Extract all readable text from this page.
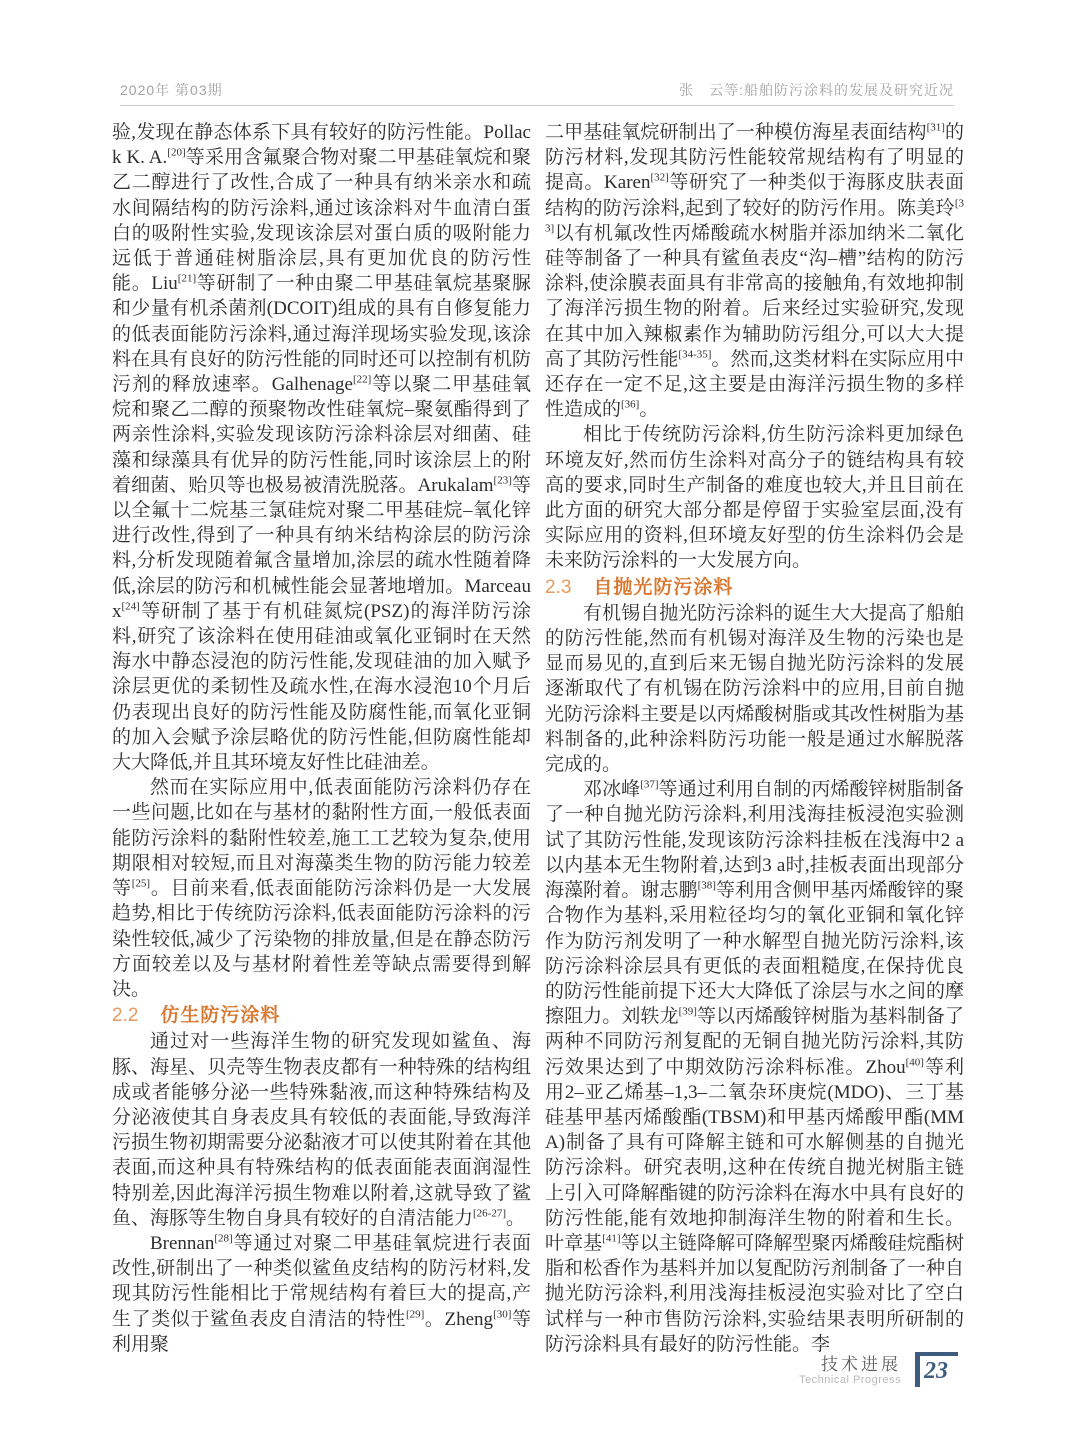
2020年 第03期	张　云等:船舶防污涂料的发展及研究近况

验,发现在静态体系下具有较好的防污性能。Pollack K. A.[20]等采用含氟聚合物对聚二甲基硅氧烷和聚乙二醇进行了改性,合成了一种具有纳米亲水和疏水间隔结构的防污涂料,通过该涂料对牛血清白蛋白的吸附性实验,发现该涂层对蛋白质的吸附能力远低于普通硅树脂涂层,具有更加优良的防污性能。Liu[21]等研制了一种由聚二甲基硅氧烷基聚脲和少量有机杀菌剂(DCOIT)组成的具有自修复能力的低表面能防污涂料,通过海洋现场实验发现,该涂料在具有良好的防污性能的同时还可以控制有机防污剂的释放速率。Galhenage[22]等以聚二甲基硅氧烷和聚乙二醇的预聚物改性硅氧烷–聚氨酯得到了两亲性涂料,实验发现该防污涂料涂层对细菌、硅藻和绿藻具有优异的防污性能,同时该涂层上的附着细菌、贻贝等也极易被清洗脱落。Arukalam[23]等以全氟十二烷基三氯硅烷对聚二甲基硅烷–氧化锌进行改性,得到了一种具有纳米结构涂层的防污涂料,分析发现随着氟含量增加,涂层的疏水性随着降低,涂层的防污和机械性能会显著地增加。Marceaux[24]等研制了基于有机硅氮烷(PSZ)的海洋防污涂料,研究了该涂料在使用硅油或氧化亚铜时在天然海水中静态浸泡的防污性能,发现硅油的加入赋予涂层更优的柔韧性及疏水性,在海水浸泡10个月后仍表现出良好的防污性能及防腐性能,而氧化亚铜的加入会赋予涂层略优的防污性能,但防腐性能却大大降低,并且其环境友好性比硅油差。

然而在实际应用中,低表面能防污涂料仍存在一些问题,比如在与基材的黏附性方面,一般低表面能防污涂料的黏附性较差,施工工艺较为复杂,使用期限相对较短,而且对海藻类生物的防污能力较差等[25]。目前来看,低表面能防污涂料仍是一大发展趋势,相比于传统防污涂料,低表面能防污涂料的污染性较低,减少了污染物的排放量,但是在静态防污方面较差以及与基材附着性差等缺点需要得到解决。

2.2 仿生防污涂料

通过对一些海洋生物的研究发现如鲨鱼、海豚、海星、贝壳等生物表皮都有一种特殊的结构组成或者能够分泌一些特殊黏液,而这种特殊结构及分泌液使其自身表皮具有较低的表面能,导致海洋污损生物初期需要分泌黏液才可以使其附着在其他表面,而这种具有特殊结构的低表面能表面润湿性特别差,因此海洋污损生物难以附着,这就导致了鲨鱼、海豚等生物自身具有较好的自清洁能力[26-27]。

Brennan[28]等通过对聚二甲基硅氧烷进行表面改性,研制出了一种类似鲨鱼皮结构的防污材料,发现其防污性能相比于常规结构有着巨大的提高,产生了类似于鲨鱼表皮自清洁的特性[29]。Zheng[30]等利用聚

二甲基硅氧烷研制出了一种模仿海星表面结构[31]的防污材料,发现其防污性能较常规结构有了明显的提高。Karen[32]等研究了一种类似于海豚皮肤表面结构的防污涂料,起到了较好的防污作用。陈美玲[33]以有机氟改性丙烯酸疏水树脂并添加纳米二氧化硅等制备了一种具有鲨鱼表皮“沟–槽”结构的防污涂料,使涂膜表面具有非常高的接触角,有效地抑制了海洋污损生物的附着。后来经过实验研究,发现在其中加入辣椒素作为辅助防污组分,可以大大提高了其防污性能[34-35]。然而,这类材料在实际应用中还存在一定不足,这主要是由海洋污损生物的多样性造成的[36]。

相比于传统防污涂料,仿生防污涂料更加绿色环境友好,然而仿生涂料对高分子的链结构具有较高的要求,同时生产制备的难度也较大,并且目前在此方面的研究大部分都是停留于实验室层面,没有实际应用的资料,但环境友好型的仿生涂料仍会是未来防污涂料的一大发展方向。

2.3 自抛光防污涂料

有机锡自抛光防污涂料的诞生大大提高了船舶的防污性能,然而有机锡对海洋及生物的污染也是显而易见的,直到后来无锡自抛光防污涂料的发展逐渐取代了有机锡在防污涂料中的应用,目前自抛光防污涂料主要是以丙烯酸树脂或其改性树脂为基料制备的,此种涂料防污功能一般是通过水解脱落完成的。

邓冰峰[37]等通过利用自制的丙烯酸锌树脂制备了一种自抛光防污涂料,利用浅海挂板浸泡实验测试了其防污性能,发现该防污涂料挂板在浅海中2 a以内基本无生物附着,达到3 a时,挂板表面出现部分海藻附着。谢志鹏[38]等利用含侧甲基丙烯酸锌的聚合物作为基料,采用粒径均匀的氧化亚铜和氧化锌作为防污剂发明了一种水解型自抛光防污涂料,该防污涂料涂层具有更低的表面粗糙度,在保持优良的防污性能前提下还大大降低了涂层与水之间的摩擦阻力。刘轶龙[39]等以丙烯酸锌树脂为基料制备了两种不同防污剂复配的无铜自抛光防污涂料,其防污效果达到了中期效防污涂料标准。Zhou[40]等利用2–亚乙烯基–1,3–二氧杂环庚烷(MDO)、三丁基硅基甲基丙烯酸酯(TBSM)和甲基丙烯酸甲酯(MMA)制备了具有可降解主链和可水解侧基的自抛光防污涂料。研究表明,这种在传统自抛光树脂主链上引入可降解酯键的防污涂料在海水中具有良好的防污性能,能有效地抑制海洋生物的附着和生长。叶章基[41]等以主链降解可降解型聚丙烯酸硅烷酯树脂和松香作为基料并加以复配防污剂制备了一种自抛光防污涂料,利用浅海挂板浸泡实验对比了空白试样与一种市售防污涂料,实验结果表明所研制的防污涂料具有最好的防污性能。李

技术进展
Technical Progress 23
